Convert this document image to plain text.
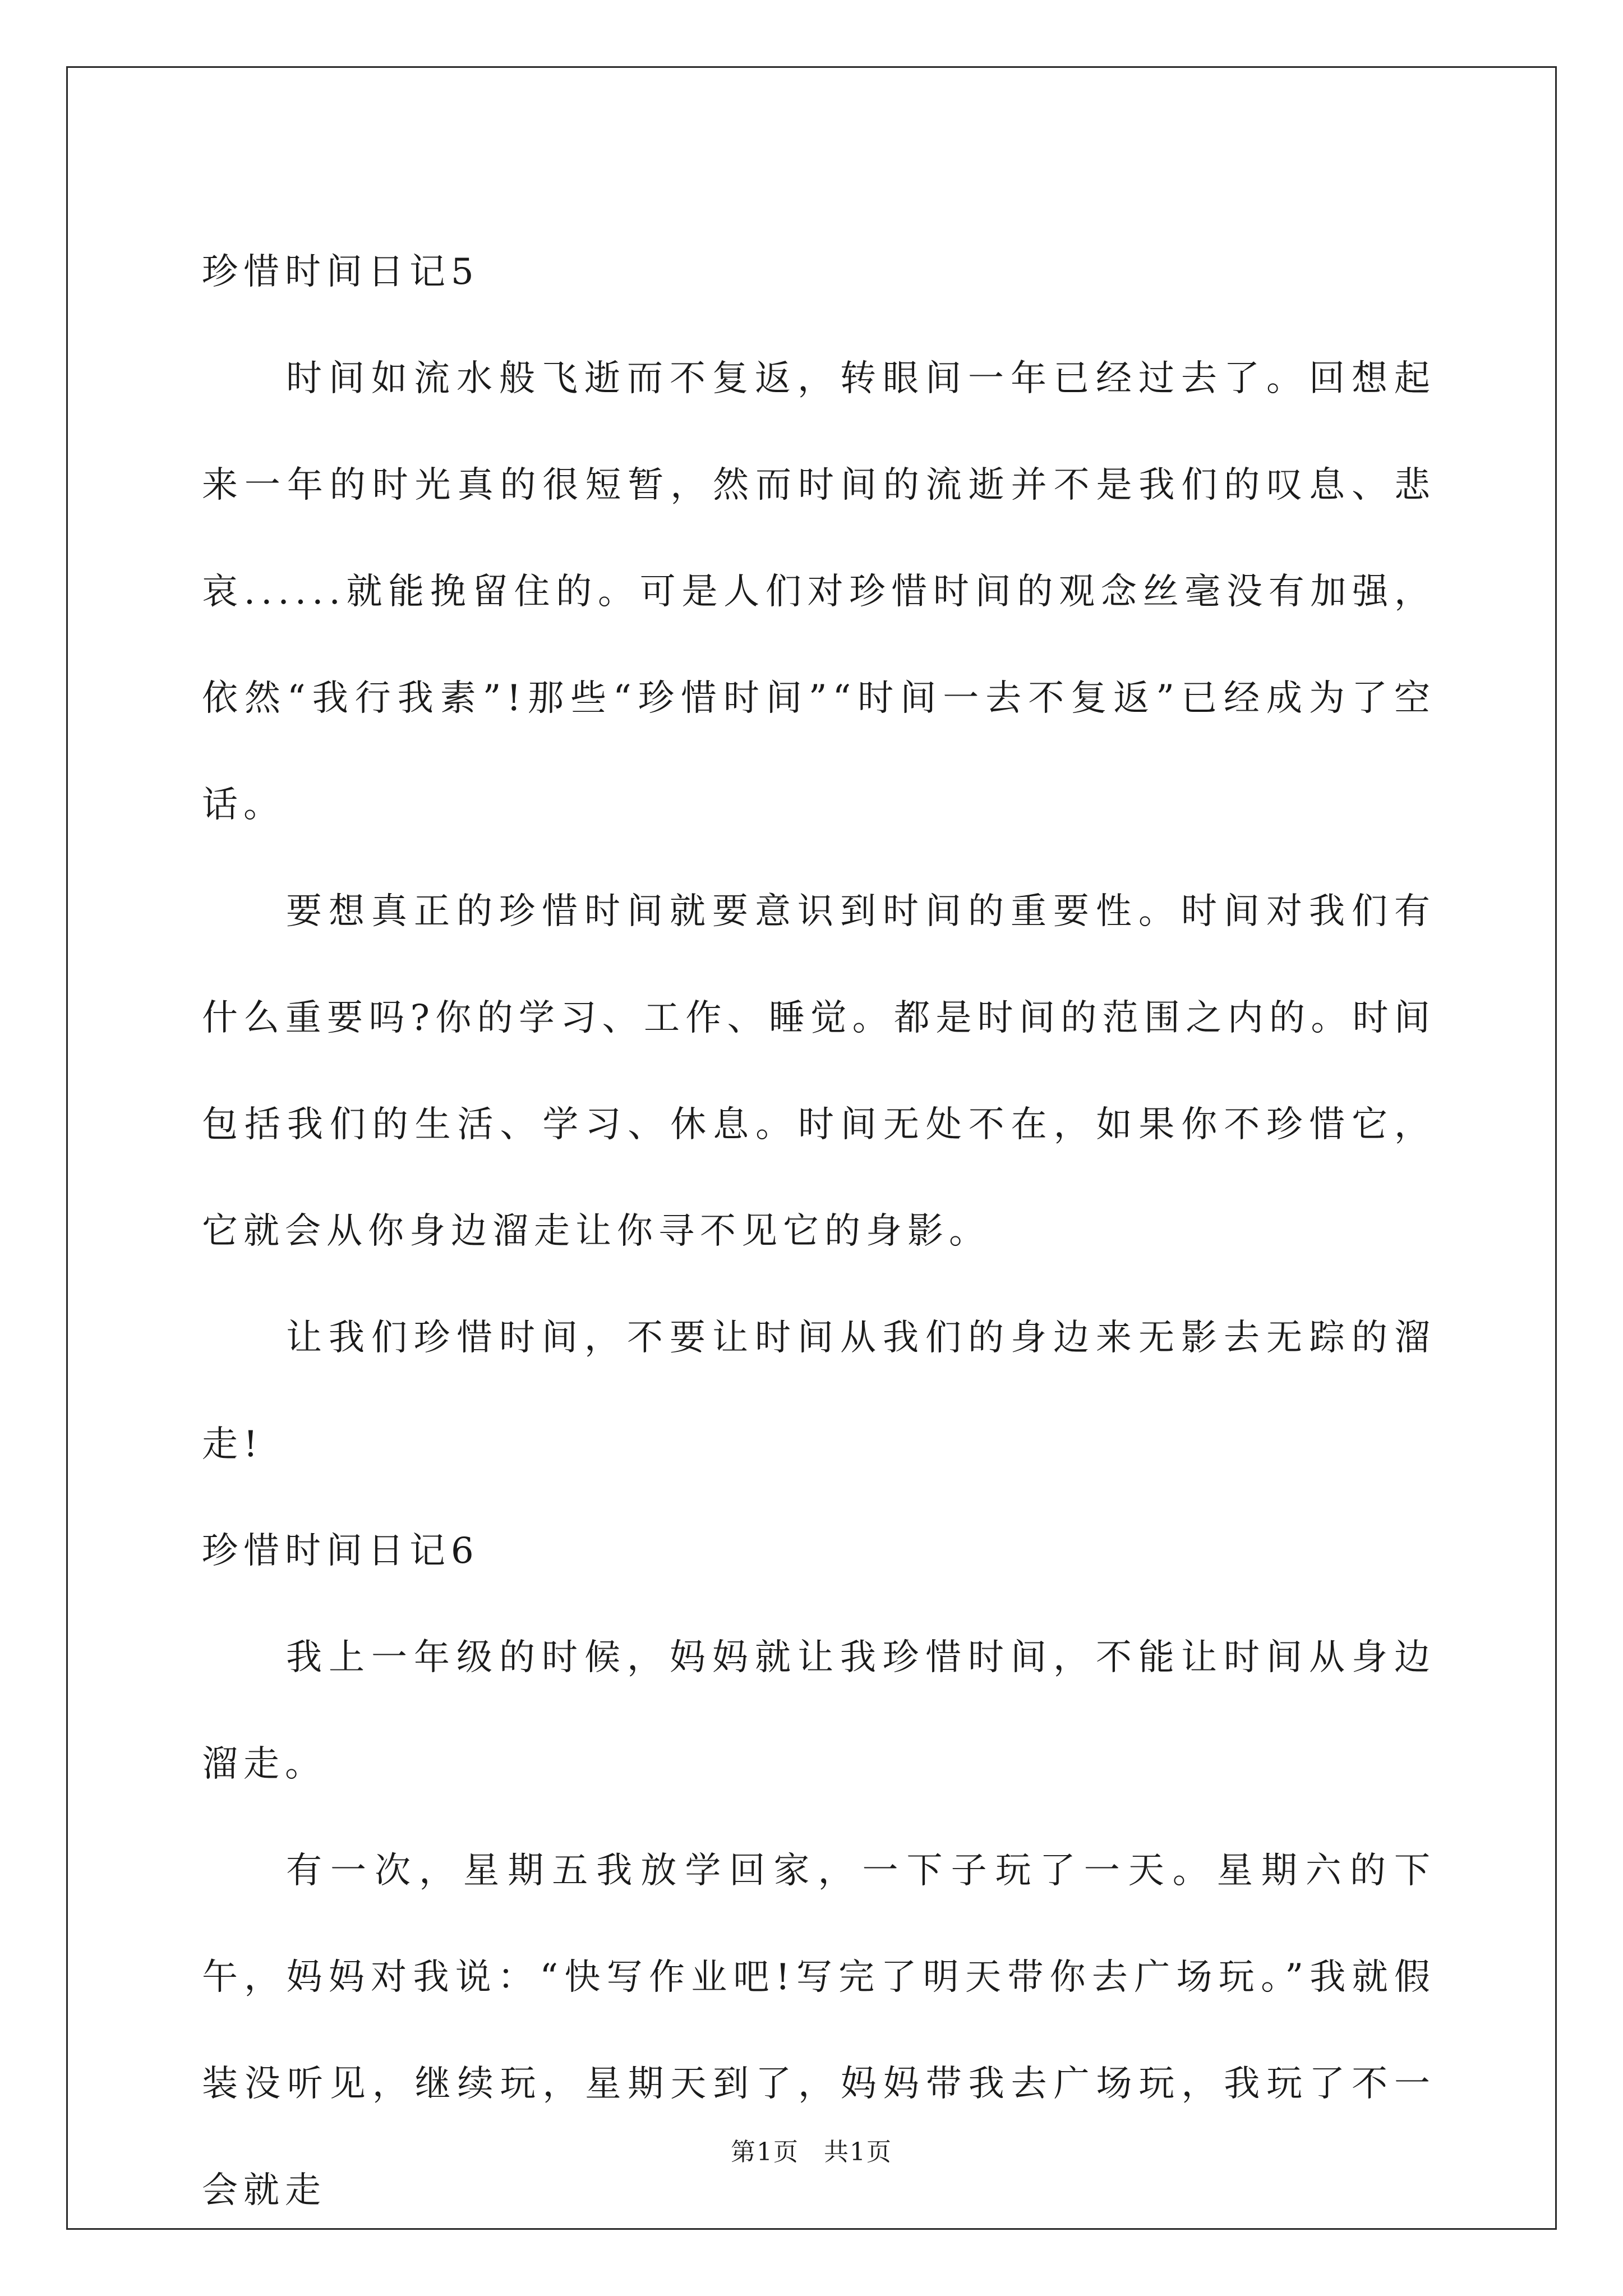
珍惜时间日记5

时间如流水般飞逝而不复返，转眼间一年已经过去了。回想起来一年的时光真的很短暂，然而时间的流逝并不是我们的叹息、悲哀......就能挽留住的。可是人们对珍惜时间的观念丝毫没有加强，依然“我行我素”!那些“珍惜时间”“时间一去不复返”已经成为了空话。

要想真正的珍惜时间就要意识到时间的重要性。时间对我们有什么重要吗?你的学习、工作、睡觉。都是时间的范围之内的。时间包括我们的生活、学习、休息。时间无处不在，如果你不珍惜它，它就会从你身边溜走让你寻不见它的身影。

让我们珍惜时间，不要让时间从我们的身边来无影去无踪的溜走!

珍惜时间日记6

我上一年级的时候，妈妈就让我珍惜时间，不能让时间从身边溜走。

有一次，星期五我放学回家，一下子玩了一天。星期六的下午，妈妈对我说：“快写作业吧!写完了明天带你去广场玩。”我就假装没听见，继续玩，星期天到了，妈妈带我去广场玩，我玩了不一会就走

第1页 共1页
